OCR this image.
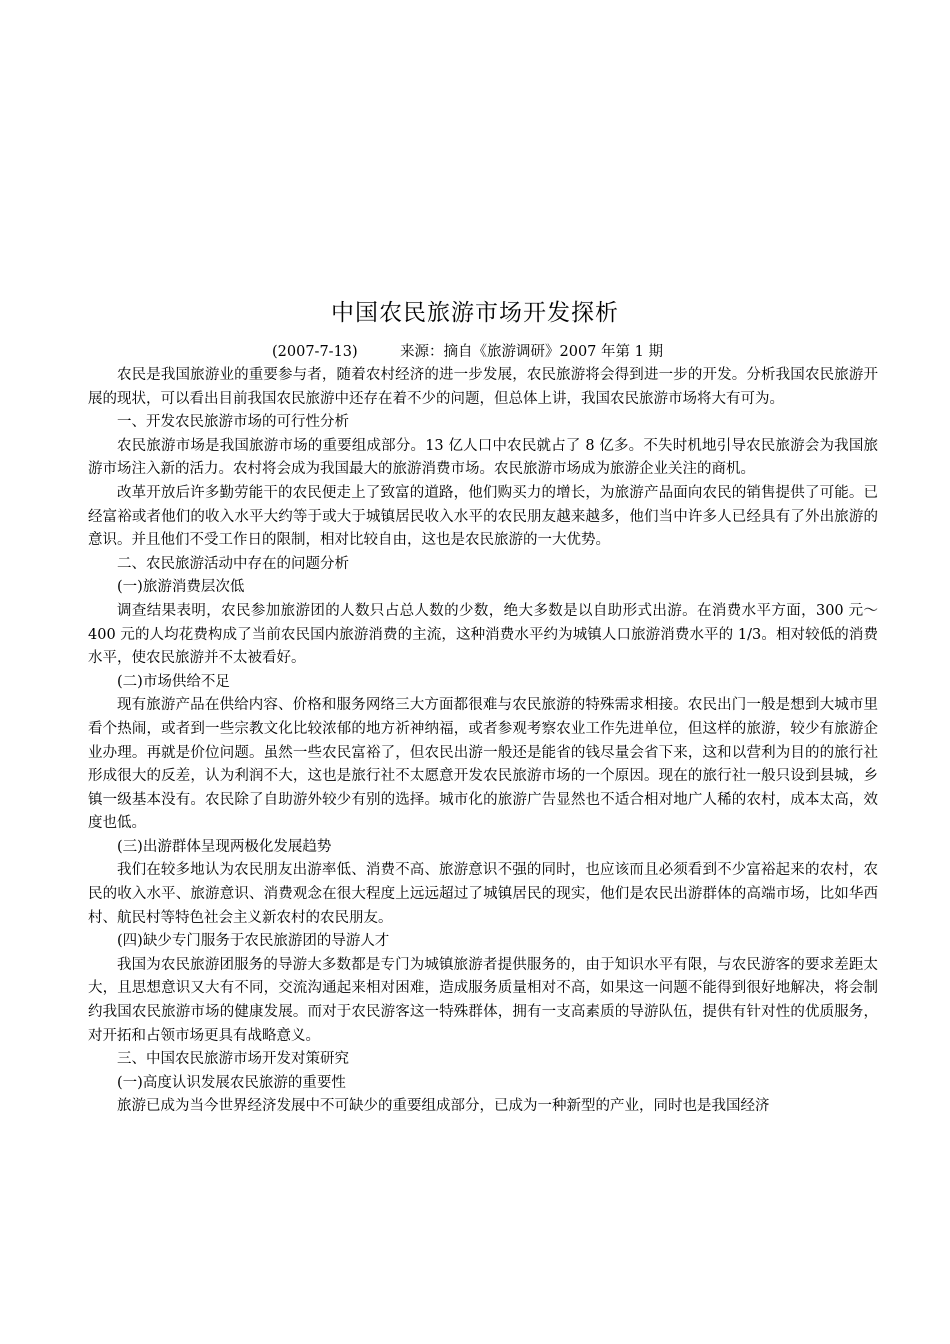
中国农民旅游市场开发探析
(2007-7-13)	来源：摘自《旅游调研》2007 年第 1 期

农民是我国旅游业的重要参与者，随着农村经济的进一步发展，农民旅游将会得到进一步的开发。分析我国农民旅游开展的现状，可以看出目前我国农民旅游中还存在着不少的问题，但总体上讲，我国农民旅游市场将大有可为。

一、开发农民旅游市场的可行性分析

农民旅游市场是我国旅游市场的重要组成部分。13 亿人口中农民就占了 8 亿多。不失时机地引导农民旅游会为我国旅游市场注入新的活力。农村将会成为我国最大的旅游消费市场。农民旅游市场成为旅游企业关注的商机。

改革开放后许多勤劳能干的农民便走上了致富的道路，他们购买力的增长，为旅游产品面向农民的销售提供了可能。已经富裕或者他们的收入水平大约等于或大于城镇居民收入水平的农民朋友越来越多，他们当中许多人已经具有了外出旅游的意识。并且他们不受工作日的限制，相对比较自由，这也是农民旅游的一大优势。

二、农民旅游活动中存在的问题分析

(一)旅游消费层次低

调查结果表明，农民参加旅游团的人数只占总人数的少数，绝大多数是以自助形式出游。在消费水平方面，300 元～400 元的人均花费构成了当前农民国内旅游消费的主流，这种消费水平约为城镇人口旅游消费水平的 1/3。相对较低的消费水平，使农民旅游并不太被看好。

(二)市场供给不足

现有旅游产品在供给内容、价格和服务网络三大方面都很难与农民旅游的特殊需求相接。农民出门一般是想到大城市里看个热闹，或者到一些宗教文化比较浓郁的地方祈神纳福，或者参观考察农业工作先进单位，但这样的旅游，较少有旅游企业办理。再就是价位问题。虽然一些农民富裕了，但农民出游一般还是能省的钱尽量会省下来，这和以营利为目的的旅行社形成很大的反差，认为利润不大，这也是旅行社不太愿意开发农民旅游市场的一个原因。现在的旅行社一般只设到县城，乡镇一级基本没有。农民除了自助游外较少有别的选择。城市化的旅游广告显然也不适合相对地广人稀的农村，成本太高，效度也低。

(三)出游群体呈现两极化发展趋势

我们在较多地认为农民朋友出游率低、消费不高、旅游意识不强的同时，也应该而且必须看到不少富裕起来的农村，农民的收入水平、旅游意识、消费观念在很大程度上远远超过了城镇居民的现实，他们是农民出游群体的高端市场，比如华西村、航民村等特色社会主义新农村的农民朋友。

(四)缺少专门服务于农民旅游团的导游人才

我国为农民旅游团服务的导游大多数都是专门为城镇旅游者提供服务的，由于知识水平有限，与农民游客的要求差距太大，且思想意识又大有不同，交流沟通起来相对困难，造成服务质量相对不高，如果这一问题不能得到很好地解决，将会制约我国农民旅游市场的健康发展。而对于农民游客这一特殊群体，拥有一支高素质的导游队伍，提供有针对性的优质服务，对开拓和占领市场更具有战略意义。

三、中国农民旅游市场开发对策研究

(一)高度认识发展农民旅游的重要性

旅游已成为当今世界经济发展中不可缺少的重要组成部分，已成为一种新型的产业，同时也是我国经济
